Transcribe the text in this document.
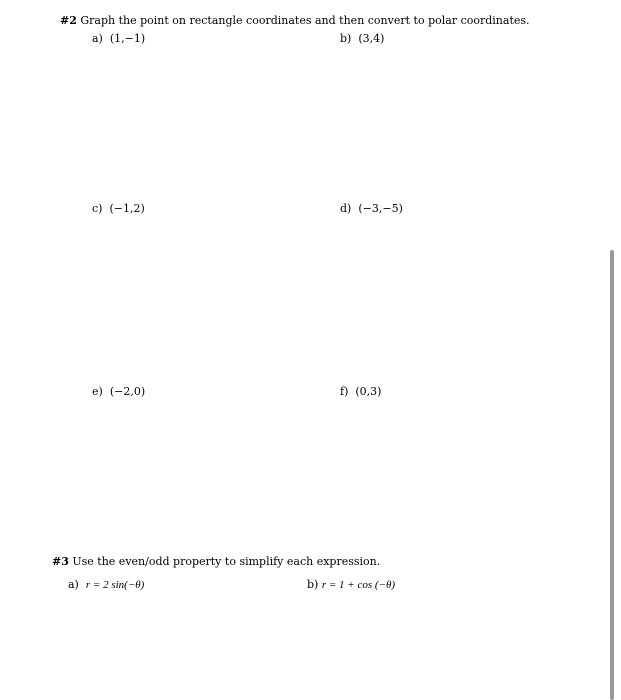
#2 Graph the point on rectangle coordinates and then convert to polar coordinates.
a) (1,−1)	b) (3,4)
c) (−1,2)	d) (−3,−5)
e) (−2,0)	f) (0,3)
#3 Use the even/odd property to simplify each expression.
a) r = 2 sin(−θ)	b) r = 1 + cos (−θ)
